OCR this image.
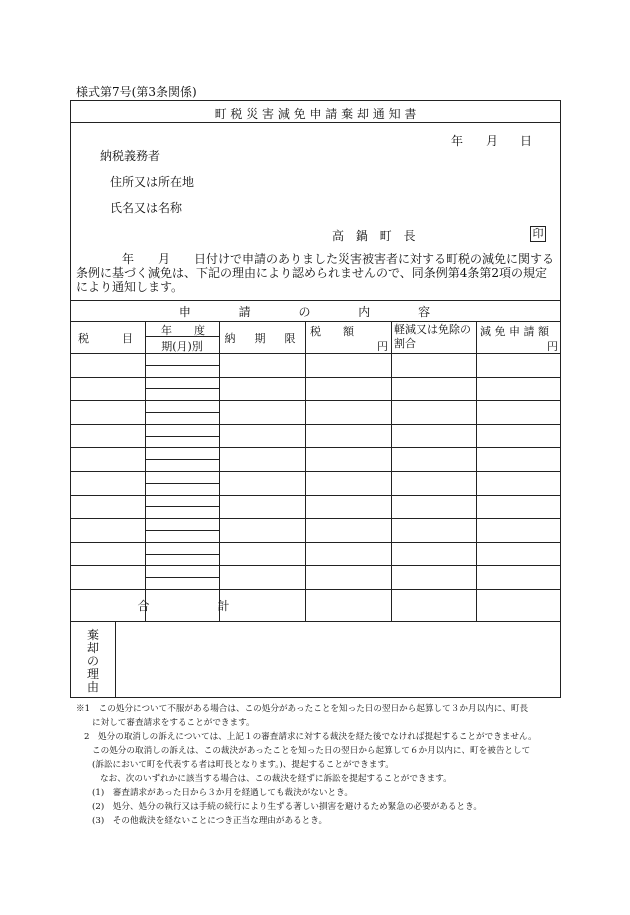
様式第7号(第3条関係)
町 税 災 害 減 免 申 請 棄 却 通 知 書
年 月 日
納税義務者
住所又は所在地
氏名又は名称
高 鍋 町 長	印
年　　月　　日付けで申請のありました災害被害者に対する町税の減免に関する条例に基づく減免は、下記の理由により認められませんので、同条例第4条第2項の規定により通知します。
申 請 の 内 容
税　　　目
年　　度
期(月)別
納　期　限
税　　額
円
軽減又は免除の割合
減 免 申 請 額
円
合　　　計
棄
却
の
理
由
※1　この処分について不服がある場合は、この処分があったことを知った日の翌日から起算して３か月以内に、町長
に対して審査請求をすることができます。
2　処分の取消しの訴えについては、上記１の審査請求に対する裁決を経た後でなければ提起することができません。
この処分の取消しの訴えは、この裁決があったことを知った日の翌日から起算して６か月以内に、町を被告として
(訴訟において町を代表する者は町長となります。)、提起することができます。
なお、次のいずれかに該当する場合は、この裁決を経ずに訴訟を提起することができます。
(1)　審査請求があった日から３か月を経過しても裁決がないとき。
(2)　処分、処分の執行又は手続の続行により生ずる著しい損害を避けるため緊急の必要があるとき。
(3)　その他裁決を経ないことにつき正当な理由があるとき。
